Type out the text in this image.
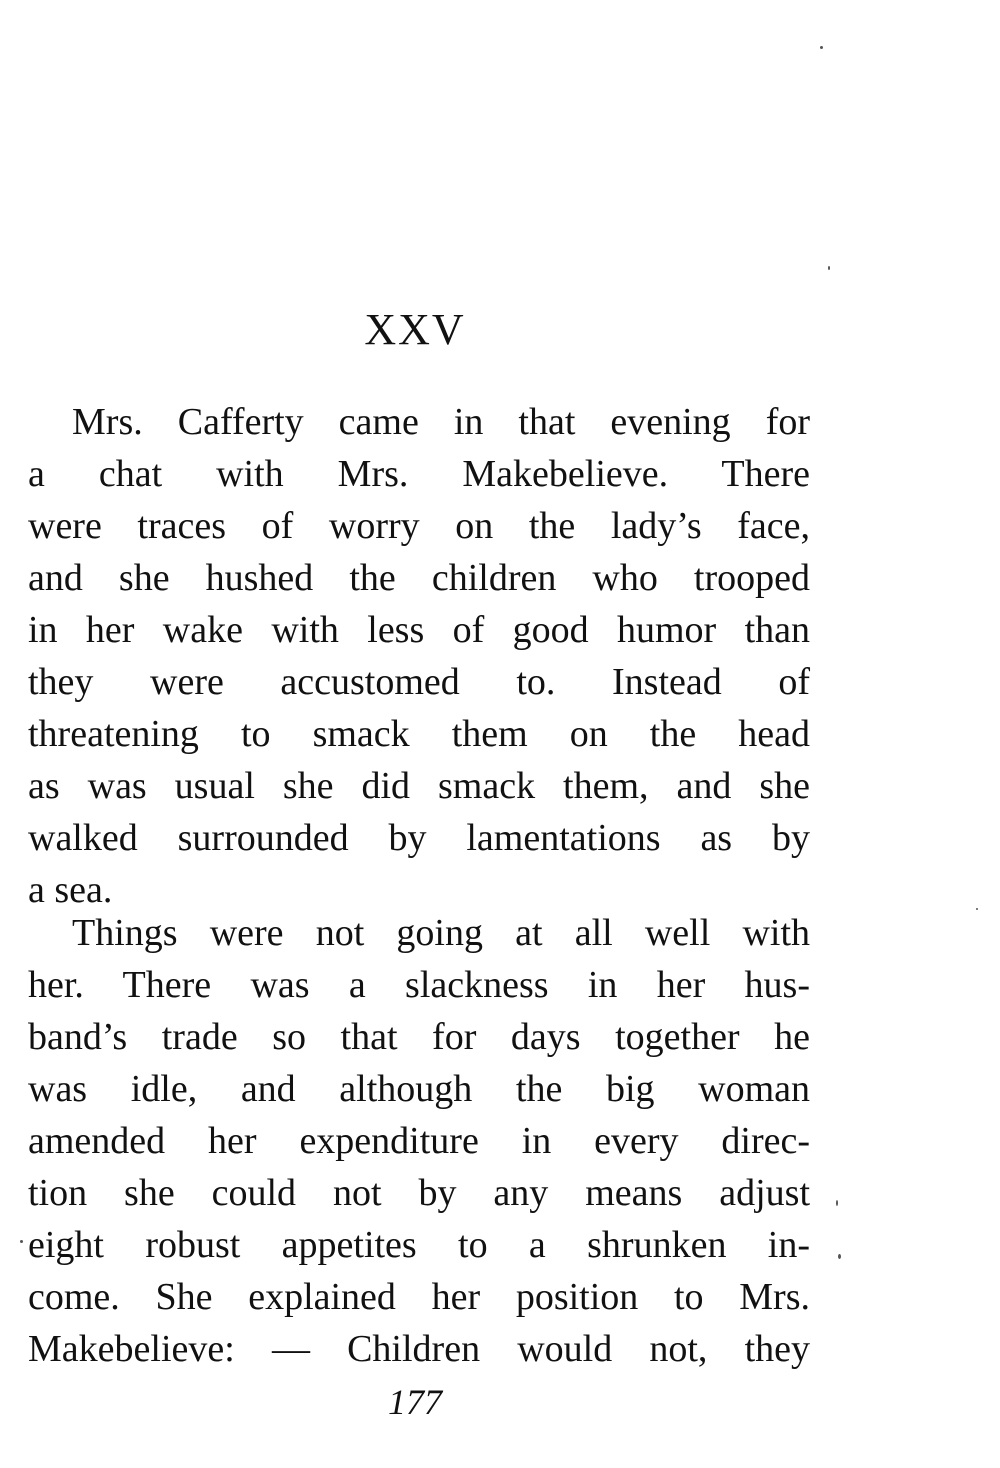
XXV
Mrs. Cafferty came in that evening for
a chat with Mrs. Makebelieve. There
were traces of worry on the lady’s face,
and she hushed the children who trooped
in her wake with less of good humor than
they were accustomed to. Instead of
threatening to smack them on the head
as was usual she did smack them, and she
walked surrounded by lamentations as by
a sea.
Things were not going at all well with
her. There was a slackness in her hus-
band’s trade so that for days together he
was idle, and although the big woman
amended her expenditure in every direc-
tion she could not by any means adjust
eight robust appetites to a shrunken in-
come. She explained her position to Mrs.
Makebelieve: — Children would not, they
177
